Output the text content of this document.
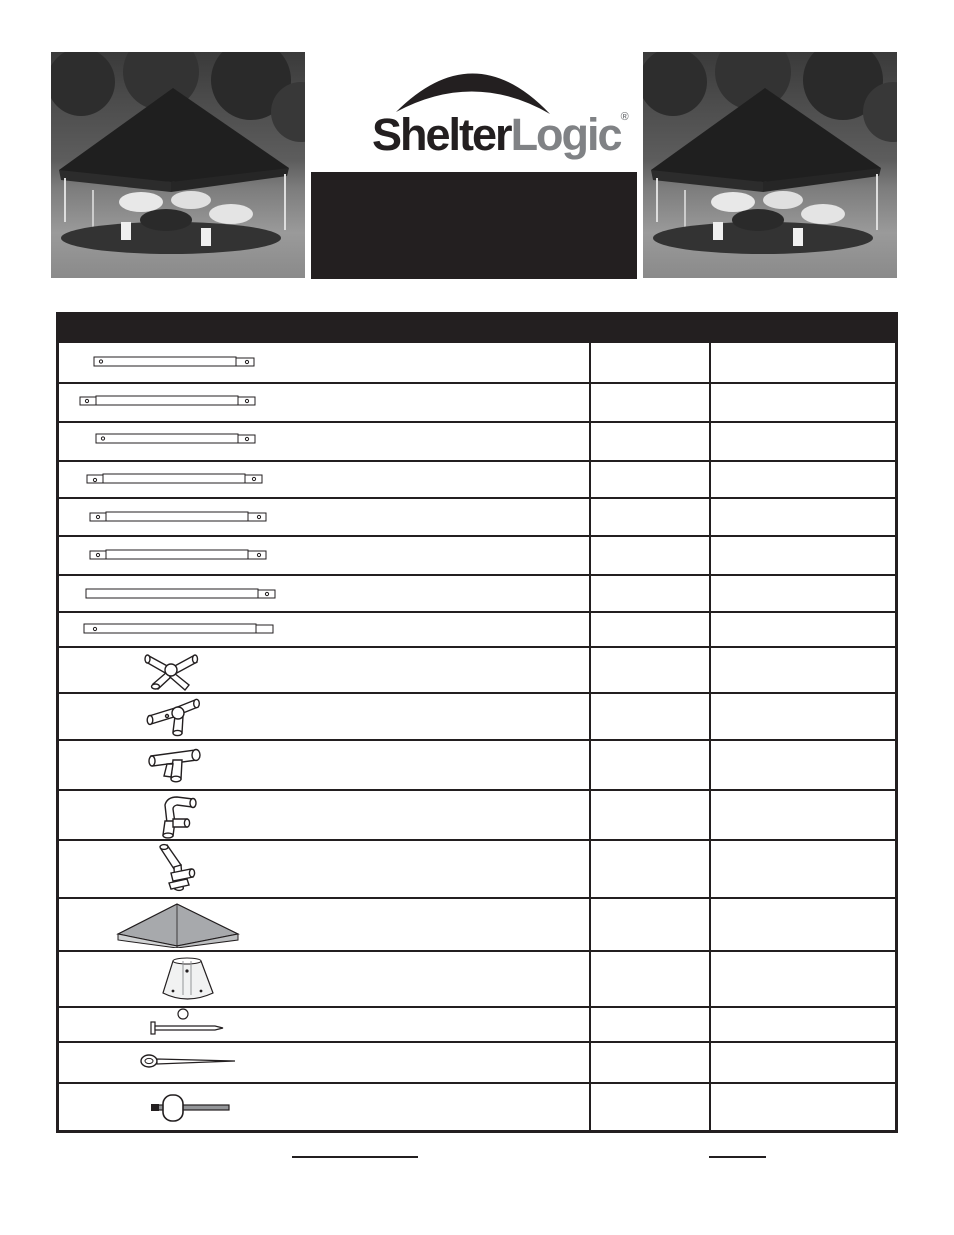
ShelterLogic®
